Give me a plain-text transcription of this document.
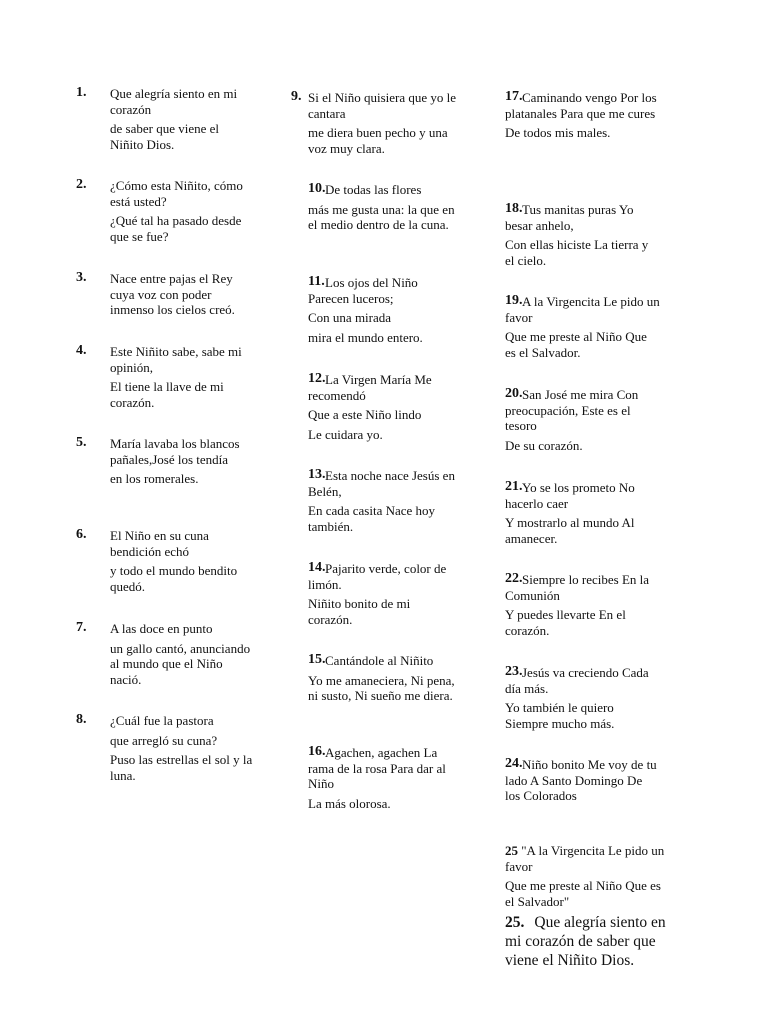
1. Que alegría siento en mi corazón
de saber que viene el Niñito Dios.
2. ¿Cómo esta Niñito, cómo está usted?
¿Qué tal ha pasado desde que se fue?
3. Nace entre pajas el Rey cuya voz con poder inmenso los cielos creó.
4. Este Niñito sabe, sabe mi opinión,
El tiene la llave de mi corazón.
5. María lavaba los blancos pañales,José los tendía
en los romerales.
6. El Niño en su cuna bendición echó
y todo el mundo bendito quedó.
7. A las doce en punto
un gallo cantó, anunciando al mundo que el Niño nació.
8. ¿Cuál fue la pastora
que arregló su cuna?
Puso las estrellas el sol y la luna.
9. Si el Niño quisiera que yo le cantara
me diera buen pecho y una voz muy clara.
10. De todas las flores
más me gusta una: la que en el medio dentro de la cuna.
11. Los ojos del Niño Parecen luceros;
Con una mirada
mira el mundo entero.
12. La Virgen María Me recomendó
Que a este Niño lindo
Le cuidara yo.
13. Esta noche nace Jesús en Belén,
En cada casita Nace hoy también.
14. Pajarito verde, color de limón.
Niñito bonito de mi corazón.
15. Cantándole al Niñito
Yo me amaneciera, Ni pena, ni susto, Ni sueño me diera.
16. Agachen, agachen La rama de la rosa Para dar al Niño
La más olorosa.
17. Caminando vengo Por los platanales Para que me cures
De todos mis males.
18. Tus manitas puras Yo besar anhelo,
Con ellas hiciste La tierra y el cielo.
19. A la Virgencita Le pido un favor
Que me preste al Niño Que es el Salvador.
20. San José me mira Con preocupación, Este es el tesoro
De su corazón.
21. Yo se los prometo No hacerlo caer
Y mostrarlo al mundo Al amanecer.
22. Siempre lo recibes En la Comunión
Y puedes llevarte En el corazón.
23. Jesús va creciendo Cada día más.
Yo también le quiero Siempre mucho más.
24. Niño bonito Me voy de tu lado A Santo Domingo De los Colorados
25 "A la Virgencita Le pido un favor
Que me preste al Niño Que es el Salvador"
25. Que alegría siento en mi corazón de saber que viene el Niñito Dios.
